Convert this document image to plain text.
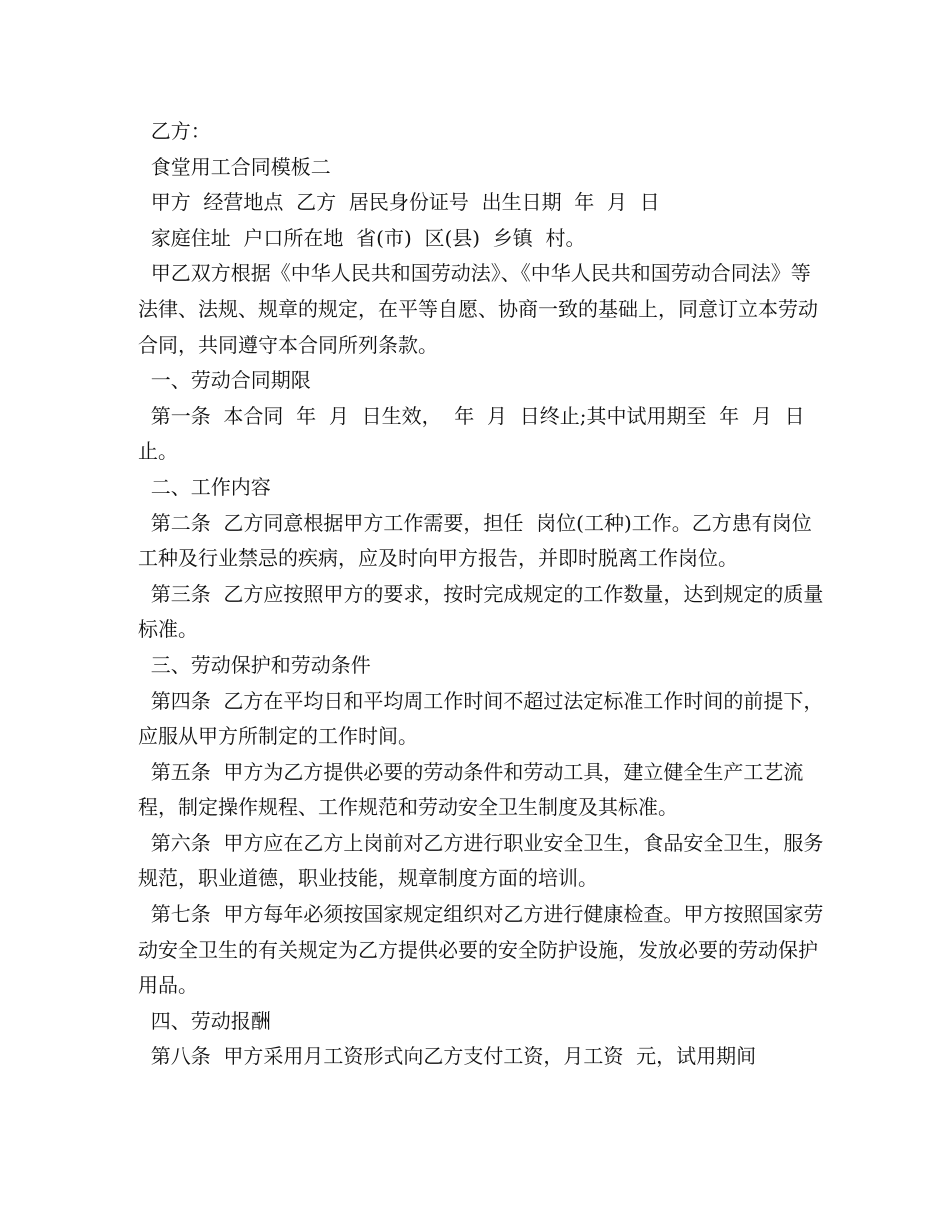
乙方：

食堂用工合同模板二

甲方  经营地点  乙方  居民身份证号  出生日期  年  月  日

家庭住址  户口所在地  省(市)  区(县)  乡镇  村。

甲乙双方根据《中华人民共和国劳动法》、《中华人民共和国劳动合同法》等法律、法规、规章的规定，在平等自愿、协商一致的基础上，同意订立本劳动合同，共同遵守本合同所列条款。

一、劳动合同期限

第一条  本合同  年  月  日生效，  年  月  日终止;其中试用期至  年  月  日止。

二、工作内容

第二条  乙方同意根据甲方工作需要，担任  岗位(工种)工作。乙方患有岗位工种及行业禁忌的疾病，应及时向甲方报告，并即时脱离工作岗位。

第三条  乙方应按照甲方的要求，按时完成规定的工作数量，达到规定的质量标准。

三、劳动保护和劳动条件

第四条  乙方在平均日和平均周工作时间不超过法定标准工作时间的前提下，应服从甲方所制定的工作时间。

第五条  甲方为乙方提供必要的劳动条件和劳动工具，建立健全生产工艺流程，制定操作规程、工作规范和劳动安全卫生制度及其标准。

第六条  甲方应在乙方上岗前对乙方进行职业安全卫生，食品安全卫生，服务规范，职业道德，职业技能，规章制度方面的培训。

第七条  甲方每年必须按国家规定组织对乙方进行健康检查。甲方按照国家劳动安全卫生的有关规定为乙方提供必要的安全防护设施，发放必要的劳动保护用品。

四、劳动报酬

第八条  甲方采用月工资形式向乙方支付工资，月工资  元，试用期间
